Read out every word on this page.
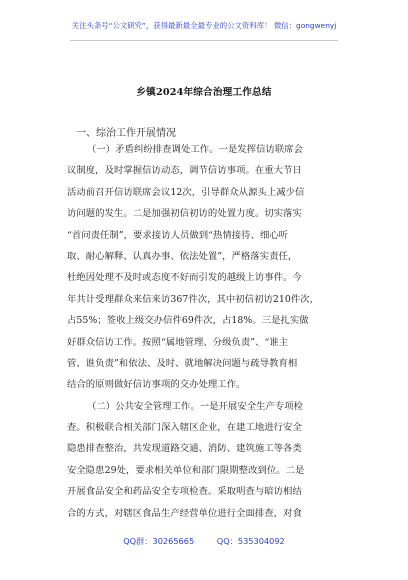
关注头条号“公文研究”，获得最新最全最专业的公文资料库！ 微信：gongwenyj
乡镇2024年综合治理工作总结
一、综治工作开展情况
（一）矛盾纠纷排查调处工作。一是发挥信访联席会
议制度，及时掌握信访动态，调节信访事项。在重大节日
活动前召开信访联席会议12次，引导群众从源头上减少信
访问题的发生。二是加强初信初访的处置力度。切实落实
“首问责任制”，要求接访人员做到“热情接待、细心听
取、耐心解释、认真办事、依法处置”，严格落实责任，
杜绝因处理不及时或态度不好而引发的越级上访事件。今
年共计受理群众来信来访367件次，其中初信初访210件次，
占55%；签收上级交办信件69件次，占18%。三是扎实做
好群众信访工作。按照“属地管理、分级负责”、“谁主
管、谁负责”和依法、及时、就地解决问题与疏导教育相
结合的原则做好信访事项的交办处理工作。
（二）公共安全管理工作。一是开展安全生产专项检
查。积极联合相关部门深入辖区企业，在建工地进行安全
隐患排查整治，共发现道路交通、消防、建筑施工等各类
安全隐患29处，要求相关单位和部门限期整改到位。二是
开展食品安全和药品安全专项检查。采取明查与暗访相结
合的方式，对辖区食品生产经营单位进行全面排查，对食
QQ群：30265665	QQ：535304092
